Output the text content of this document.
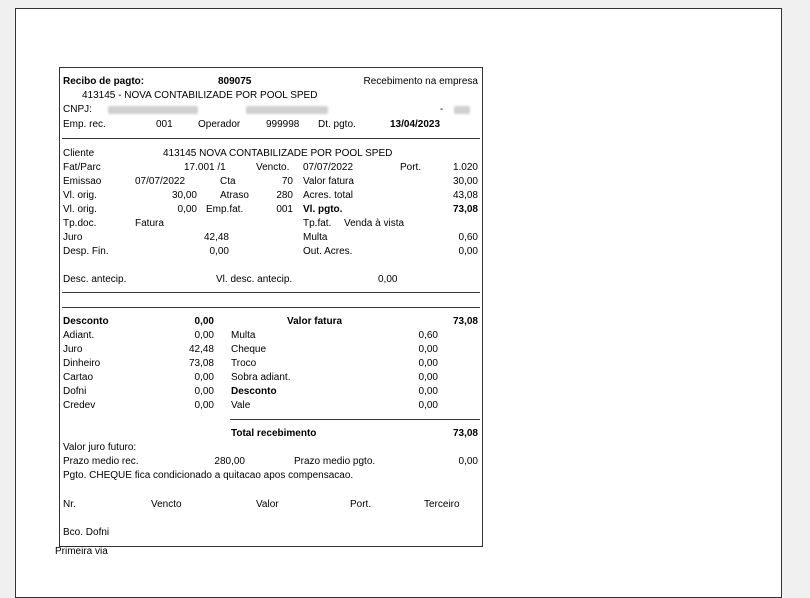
Recibo de pagto:	809075	Recebimento na empresa
413145 - NOVA CONTABILIZADE POR POOL SPED
CNPJ:	-
Emp. rec.	001	Operador	999998 Dt. pgto.	13/04/2023
Cliente	413145 NOVA CONTABILIZADE POR POOL SPED
Fat/Parc	17.001 /1	Vencto. 07/07/2022	Port.	1.020
Emissao	07/07/2022	Cta	70 Valor fatura	30,00
Vl. orig.	30,00 Atraso	280 Acres. total	43,08
Vl. orig.	0,00 Emp.fat.	001 Vl. pgto.	73,08
Tp.doc.	Fatura	Tp.fat. Venda à vista
Juro	42,48	Multa	0,60
Desp. Fin.	0,00	Out. Acres.	0,00
Desc. antecip.	Vl. desc. antecip.	0,00
Desconto	0,00	Valor fatura	73,08
Adiant.	0,00 Multa	0,60
Juro	42,48 Cheque	0,00
Dinheiro	73,08 Troco	0,00
Cartao	0,00 Sobra adiant.	0,00
Dofni	0,00 Desconto	0,00
Credev	0,00 Vale	0,00
Total recebimento	73,08
Valor juro futuro:
Prazo medio rec.	280,00	Prazo medio pgto.	0,00
Pgto. CHEQUE fica condicionado a quitacao apos compensacao.
Nr.	Vencto	Valor	Port.	Terceiro
Bco. Dofni
Primeira via
